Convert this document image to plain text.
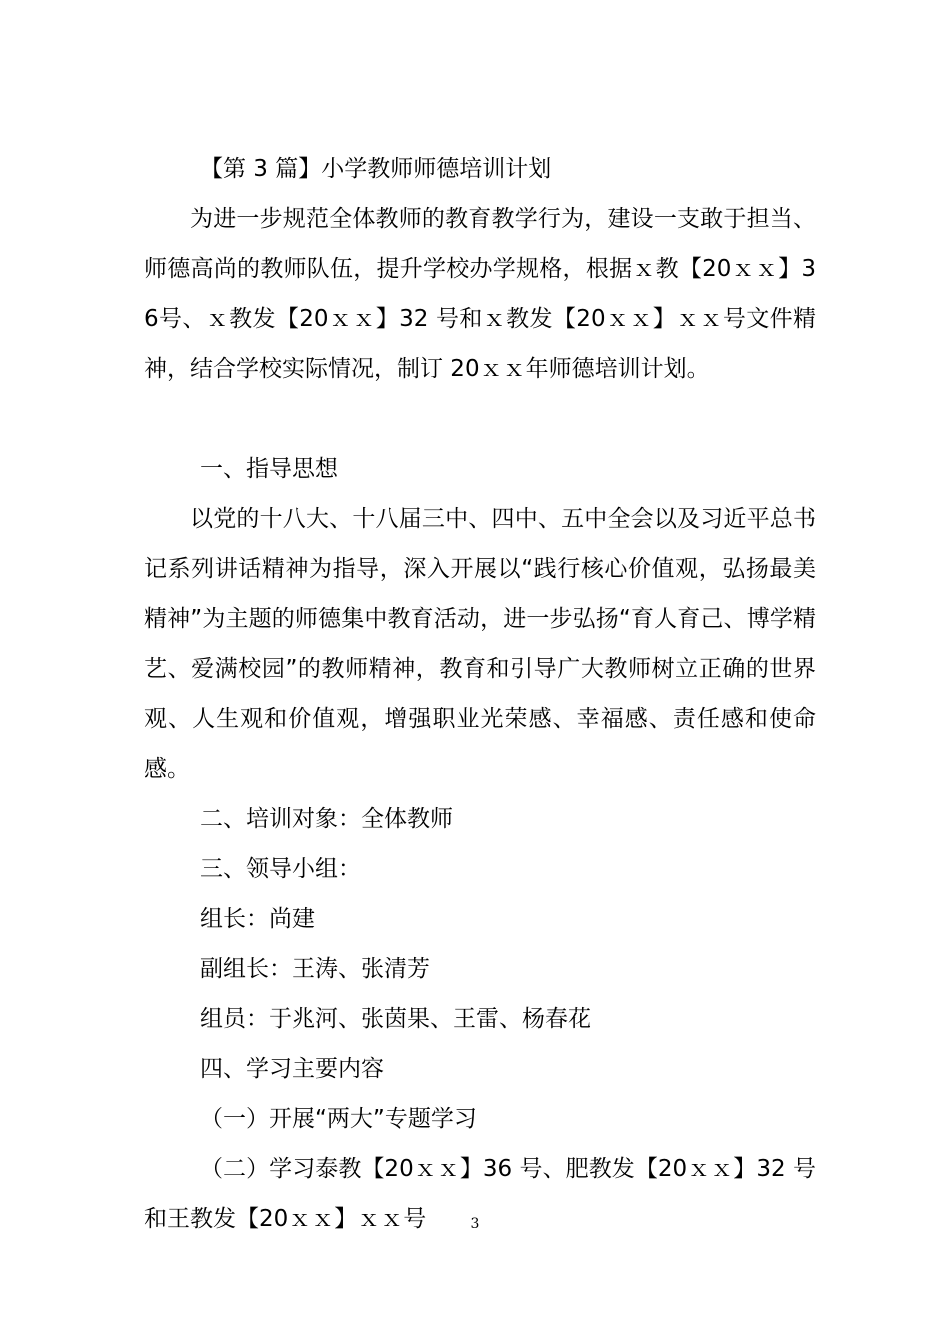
【第 3 篇】小学教师师德培训计划

为进一步规范全体教师的教育教学行为，建设一支敢于担当、师德高尚的教师队伍，提升学校办学规格，根据ｘ教【20ｘｘ】36号、ｘ教发【20ｘｘ】32 号和ｘ教发【20ｘｘ】ｘｘ号文件精神，结合学校实际情况，制订 20ｘｘ年师德培训计划。

一、指导思想

以党的十八大、十八届三中、四中、五中全会以及习近平总书记系列讲话精神为指导，深入开展以“践行核心价值观，弘扬最美精神”为主题的师德集中教育活动，进一步弘扬“育人育己、博学精艺、爱满校园”的教师精神，教育和引导广大教师树立正确的世界观、人生观和价值观，增强职业光荣感、幸福感、责任感和使命感。

二、培训对象：全体教师

三、领导小组：

组长：尚建

副组长：王涛、张清芳

组员：于兆河、张茵果、王雷、杨春花

四、学习主要内容

（一）开展“两大”专题学习

（二）学习泰教【20ｘｘ】36 号、肥教发【20ｘｘ】32 号和王教发【20ｘｘ】ｘｘ号	3
